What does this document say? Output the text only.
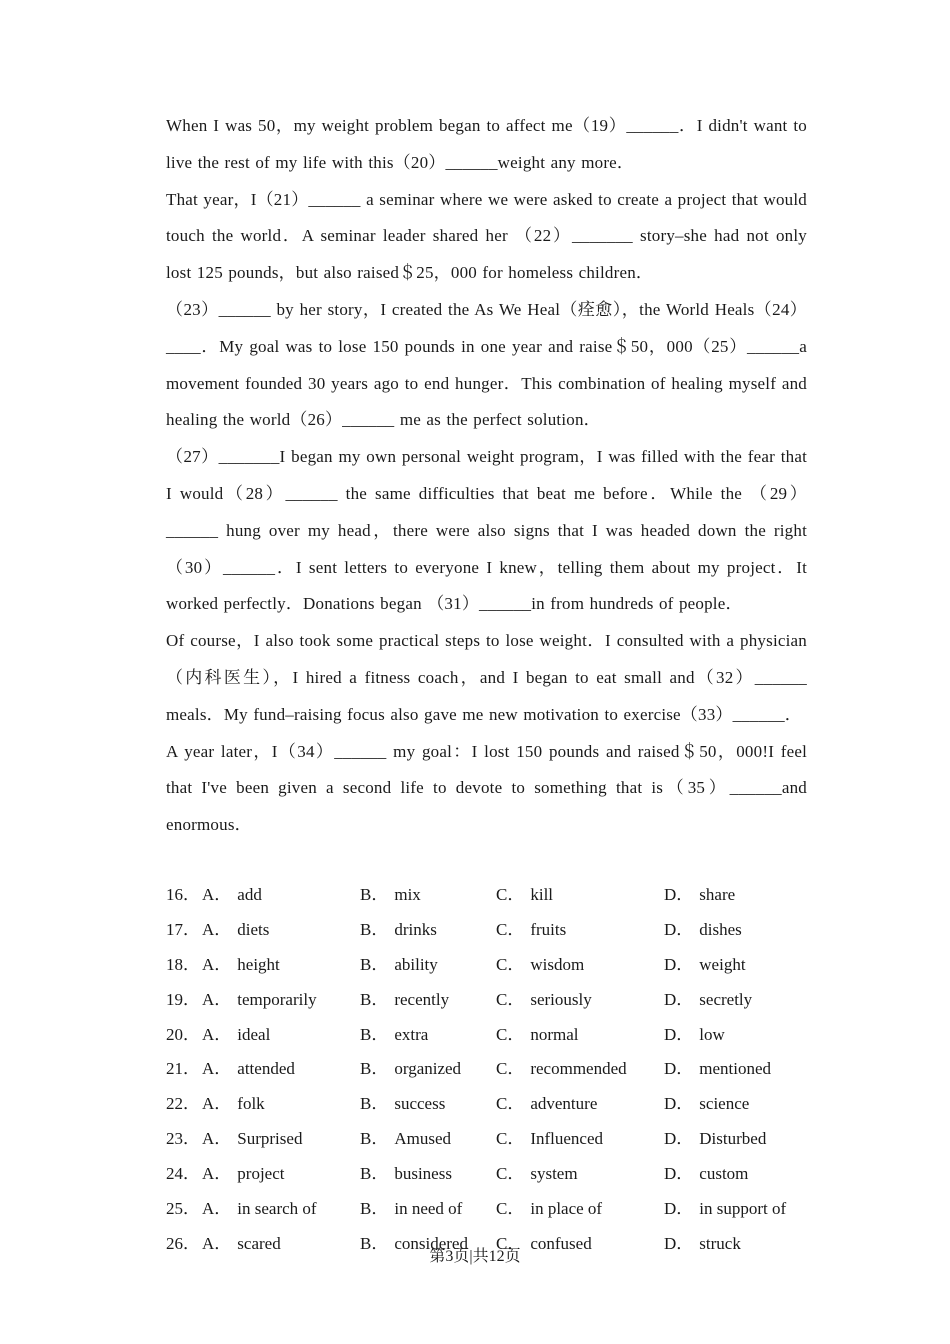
When I was 50，my weight problem began to affect me（19）______．I didn't want to live the rest of my life with this（20）______weight any more．

That year，I（21）______ a seminar where we were asked to create a project that would touch the world．A seminar leader shared her （22）_______ story–she had not only lost 125 pounds，but also raised＄25，000 for homeless children．

（23）______ by her story，I created the As We Heal（痊愈），the World Heals（24）____．My goal was to lose 150 pounds in one year and raise＄50，000（25）______a movement founded 30 years ago to end hunger．This combination of healing myself and healing the world（26）______ me as the perfect solution．

（27）_______I began my own personal weight program，I was filled with the fear that I would（28）______ the same difficulties that beat me before．While the （29）______ hung over my head，there were also signs that I was headed down the right（30）______．I sent letters to everyone I knew，telling them about my project．It worked perfectly．Donations began （31）______in from hundreds of people．

Of course，I also took some practical steps to lose weight．I consulted with a physician（内科医生），I hired a fitness coach，and I began to eat small and（32）______ meals．My fund–raising focus also gave me new motivation to exercise（33）______．

A year later，I（34）______ my goal：I lost 150 pounds and raised＄50，000!I feel that I've been given a second life to devote to something that is（35）______and enormous．

16． A． add	B． mix	C． kill	D． share
17． A． diets	B． drinks	C． fruits	D． dishes
18． A． height	B． ability	C． wisdom	D． weight
19． A． temporarily	B． recently	C． seriously	D． secretly
20． A． ideal	B． extra	C． normal	D． low
21． A． attended	B． organized	C． recommended	D． mentioned
22． A． folk	B． success	C． adventure	D． science
23． A． Surprised	B． Amused	C． Influenced	D． Disturbed
24． A． project	B． business	C． system	D． custom
25． A． in search of	B． in need of	C． in place of	D． in support of
26． A． scared	B． considered	C． confused	D． struck
第3页|共12页
